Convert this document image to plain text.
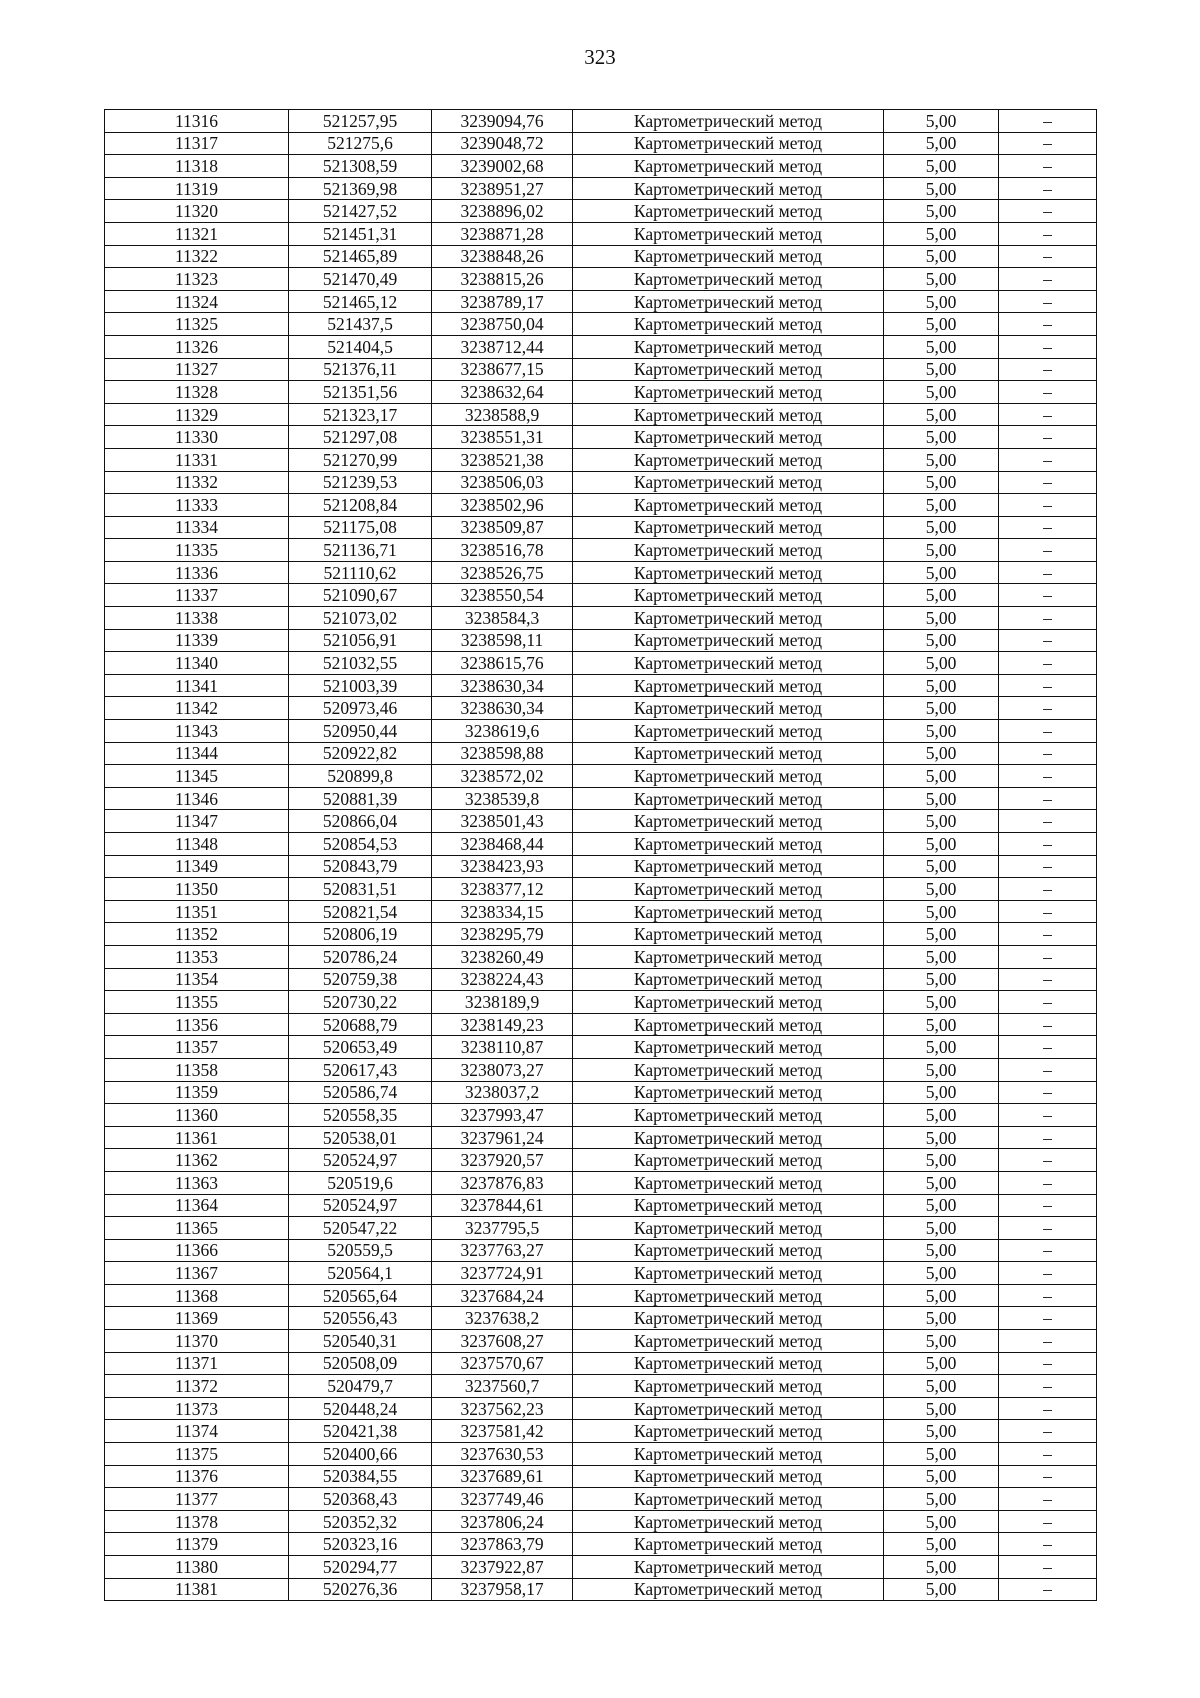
323
11316	521257,95	3239094,76	Картометрический метод	5,00	–
11317	521275,6	3239048,72	Картометрический метод	5,00	–
11318	521308,59	3239002,68	Картометрический метод	5,00	–
11319	521369,98	3238951,27	Картометрический метод	5,00	–
11320	521427,52	3238896,02	Картометрический метод	5,00	–
11321	521451,31	3238871,28	Картометрический метод	5,00	–
11322	521465,89	3238848,26	Картометрический метод	5,00	–
11323	521470,49	3238815,26	Картометрический метод	5,00	–
11324	521465,12	3238789,17	Картометрический метод	5,00	–
11325	521437,5	3238750,04	Картометрический метод	5,00	–
11326	521404,5	3238712,44	Картометрический метод	5,00	–
11327	521376,11	3238677,15	Картометрический метод	5,00	–
11328	521351,56	3238632,64	Картометрический метод	5,00	–
11329	521323,17	3238588,9	Картометрический метод	5,00	–
11330	521297,08	3238551,31	Картометрический метод	5,00	–
11331	521270,99	3238521,38	Картометрический метод	5,00	–
11332	521239,53	3238506,03	Картометрический метод	5,00	–
11333	521208,84	3238502,96	Картометрический метод	5,00	–
11334	521175,08	3238509,87	Картометрический метод	5,00	–
11335	521136,71	3238516,78	Картометрический метод	5,00	–
11336	521110,62	3238526,75	Картометрический метод	5,00	–
11337	521090,67	3238550,54	Картометрический метод	5,00	–
11338	521073,02	3238584,3	Картометрический метод	5,00	–
11339	521056,91	3238598,11	Картометрический метод	5,00	–
11340	521032,55	3238615,76	Картометрический метод	5,00	–
11341	521003,39	3238630,34	Картометрический метод	5,00	–
11342	520973,46	3238630,34	Картометрический метод	5,00	–
11343	520950,44	3238619,6	Картометрический метод	5,00	–
11344	520922,82	3238598,88	Картометрический метод	5,00	–
11345	520899,8	3238572,02	Картометрический метод	5,00	–
11346	520881,39	3238539,8	Картометрический метод	5,00	–
11347	520866,04	3238501,43	Картометрический метод	5,00	–
11348	520854,53	3238468,44	Картометрический метод	5,00	–
11349	520843,79	3238423,93	Картометрический метод	5,00	–
11350	520831,51	3238377,12	Картометрический метод	5,00	–
11351	520821,54	3238334,15	Картометрический метод	5,00	–
11352	520806,19	3238295,79	Картометрический метод	5,00	–
11353	520786,24	3238260,49	Картометрический метод	5,00	–
11354	520759,38	3238224,43	Картометрический метод	5,00	–
11355	520730,22	3238189,9	Картометрический метод	5,00	–
11356	520688,79	3238149,23	Картометрический метод	5,00	–
11357	520653,49	3238110,87	Картометрический метод	5,00	–
11358	520617,43	3238073,27	Картометрический метод	5,00	–
11359	520586,74	3238037,2	Картометрический метод	5,00	–
11360	520558,35	3237993,47	Картометрический метод	5,00	–
11361	520538,01	3237961,24	Картометрический метод	5,00	–
11362	520524,97	3237920,57	Картометрический метод	5,00	–
11363	520519,6	3237876,83	Картометрический метод	5,00	–
11364	520524,97	3237844,61	Картометрический метод	5,00	–
11365	520547,22	3237795,5	Картометрический метод	5,00	–
11366	520559,5	3237763,27	Картометрический метод	5,00	–
11367	520564,1	3237724,91	Картометрический метод	5,00	–
11368	520565,64	3237684,24	Картометрический метод	5,00	–
11369	520556,43	3237638,2	Картометрический метод	5,00	–
11370	520540,31	3237608,27	Картометрический метод	5,00	–
11371	520508,09	3237570,67	Картометрический метод	5,00	–
11372	520479,7	3237560,7	Картометрический метод	5,00	–
11373	520448,24	3237562,23	Картометрический метод	5,00	–
11374	520421,38	3237581,42	Картометрический метод	5,00	–
11375	520400,66	3237630,53	Картометрический метод	5,00	–
11376	520384,55	3237689,61	Картометрический метод	5,00	–
11377	520368,43	3237749,46	Картометрический метод	5,00	–
11378	520352,32	3237806,24	Картометрический метод	5,00	–
11379	520323,16	3237863,79	Картометрический метод	5,00	–
11380	520294,77	3237922,87	Картометрический метод	5,00	–
11381	520276,36	3237958,17	Картометрический метод	5,00	–
